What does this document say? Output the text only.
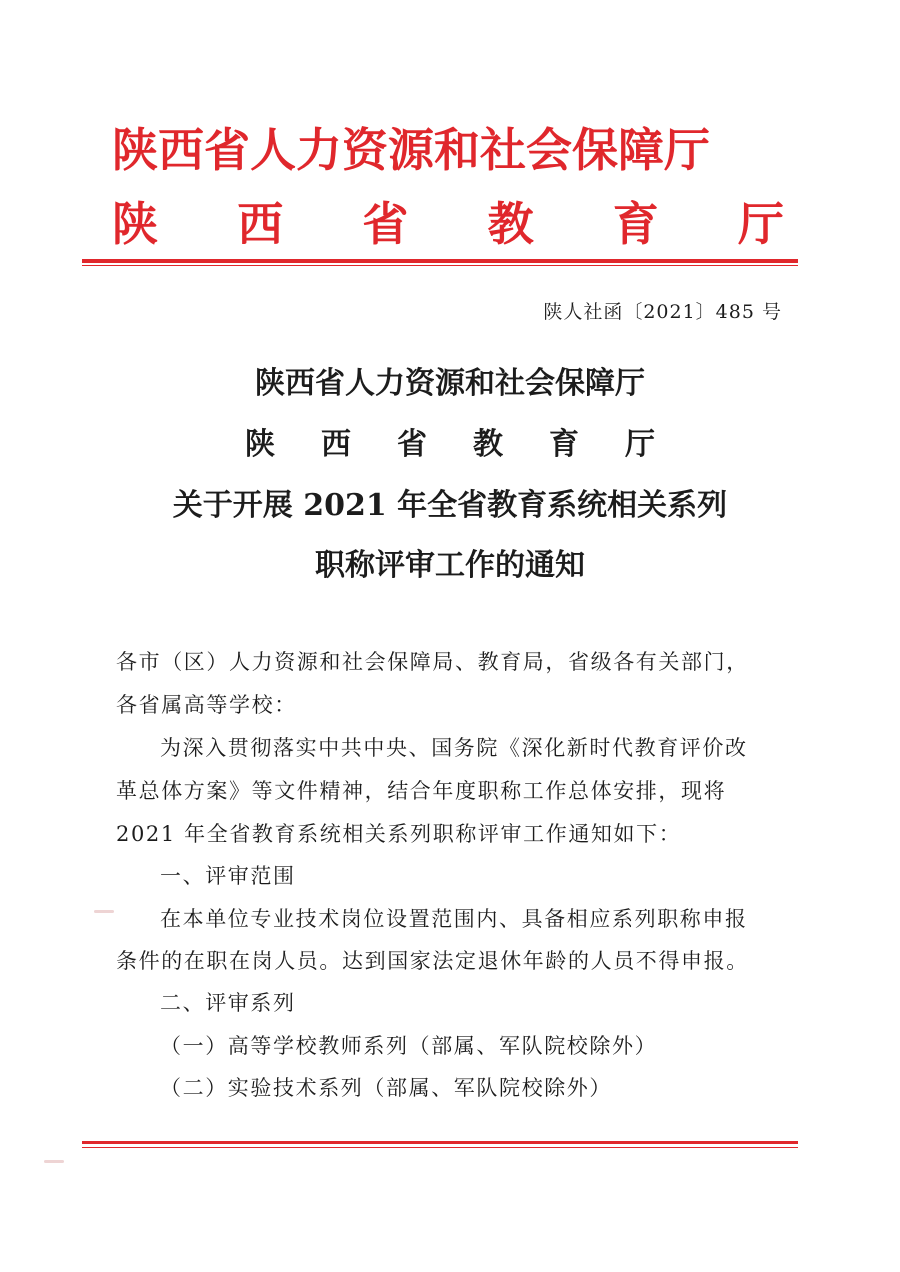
陕西省人力资源和社会保障厅
陕 西 省 教 育 厅
陕人社函〔2021〕485 号
陕西省人力资源和社会保障厅
陕西省教育厅
关于开展 2021 年全省教育系统相关系列
职称评审工作的通知
各市（区）人力资源和社会保障局、教育局，省级各有关部门，
各省属高等学校：
为深入贯彻落实中共中央、国务院《深化新时代教育评价改
革总体方案》等文件精神，结合年度职称工作总体安排，现将
2021 年全省教育系统相关系列职称评审工作通知如下：
一、评审范围
在本单位专业技术岗位设置范围内、具备相应系列职称申报
条件的在职在岗人员。达到国家法定退休年龄的人员不得申报。
二、评审系列
（一）高等学校教师系列（部属、军队院校除外）
（二）实验技术系列（部属、军队院校除外）
